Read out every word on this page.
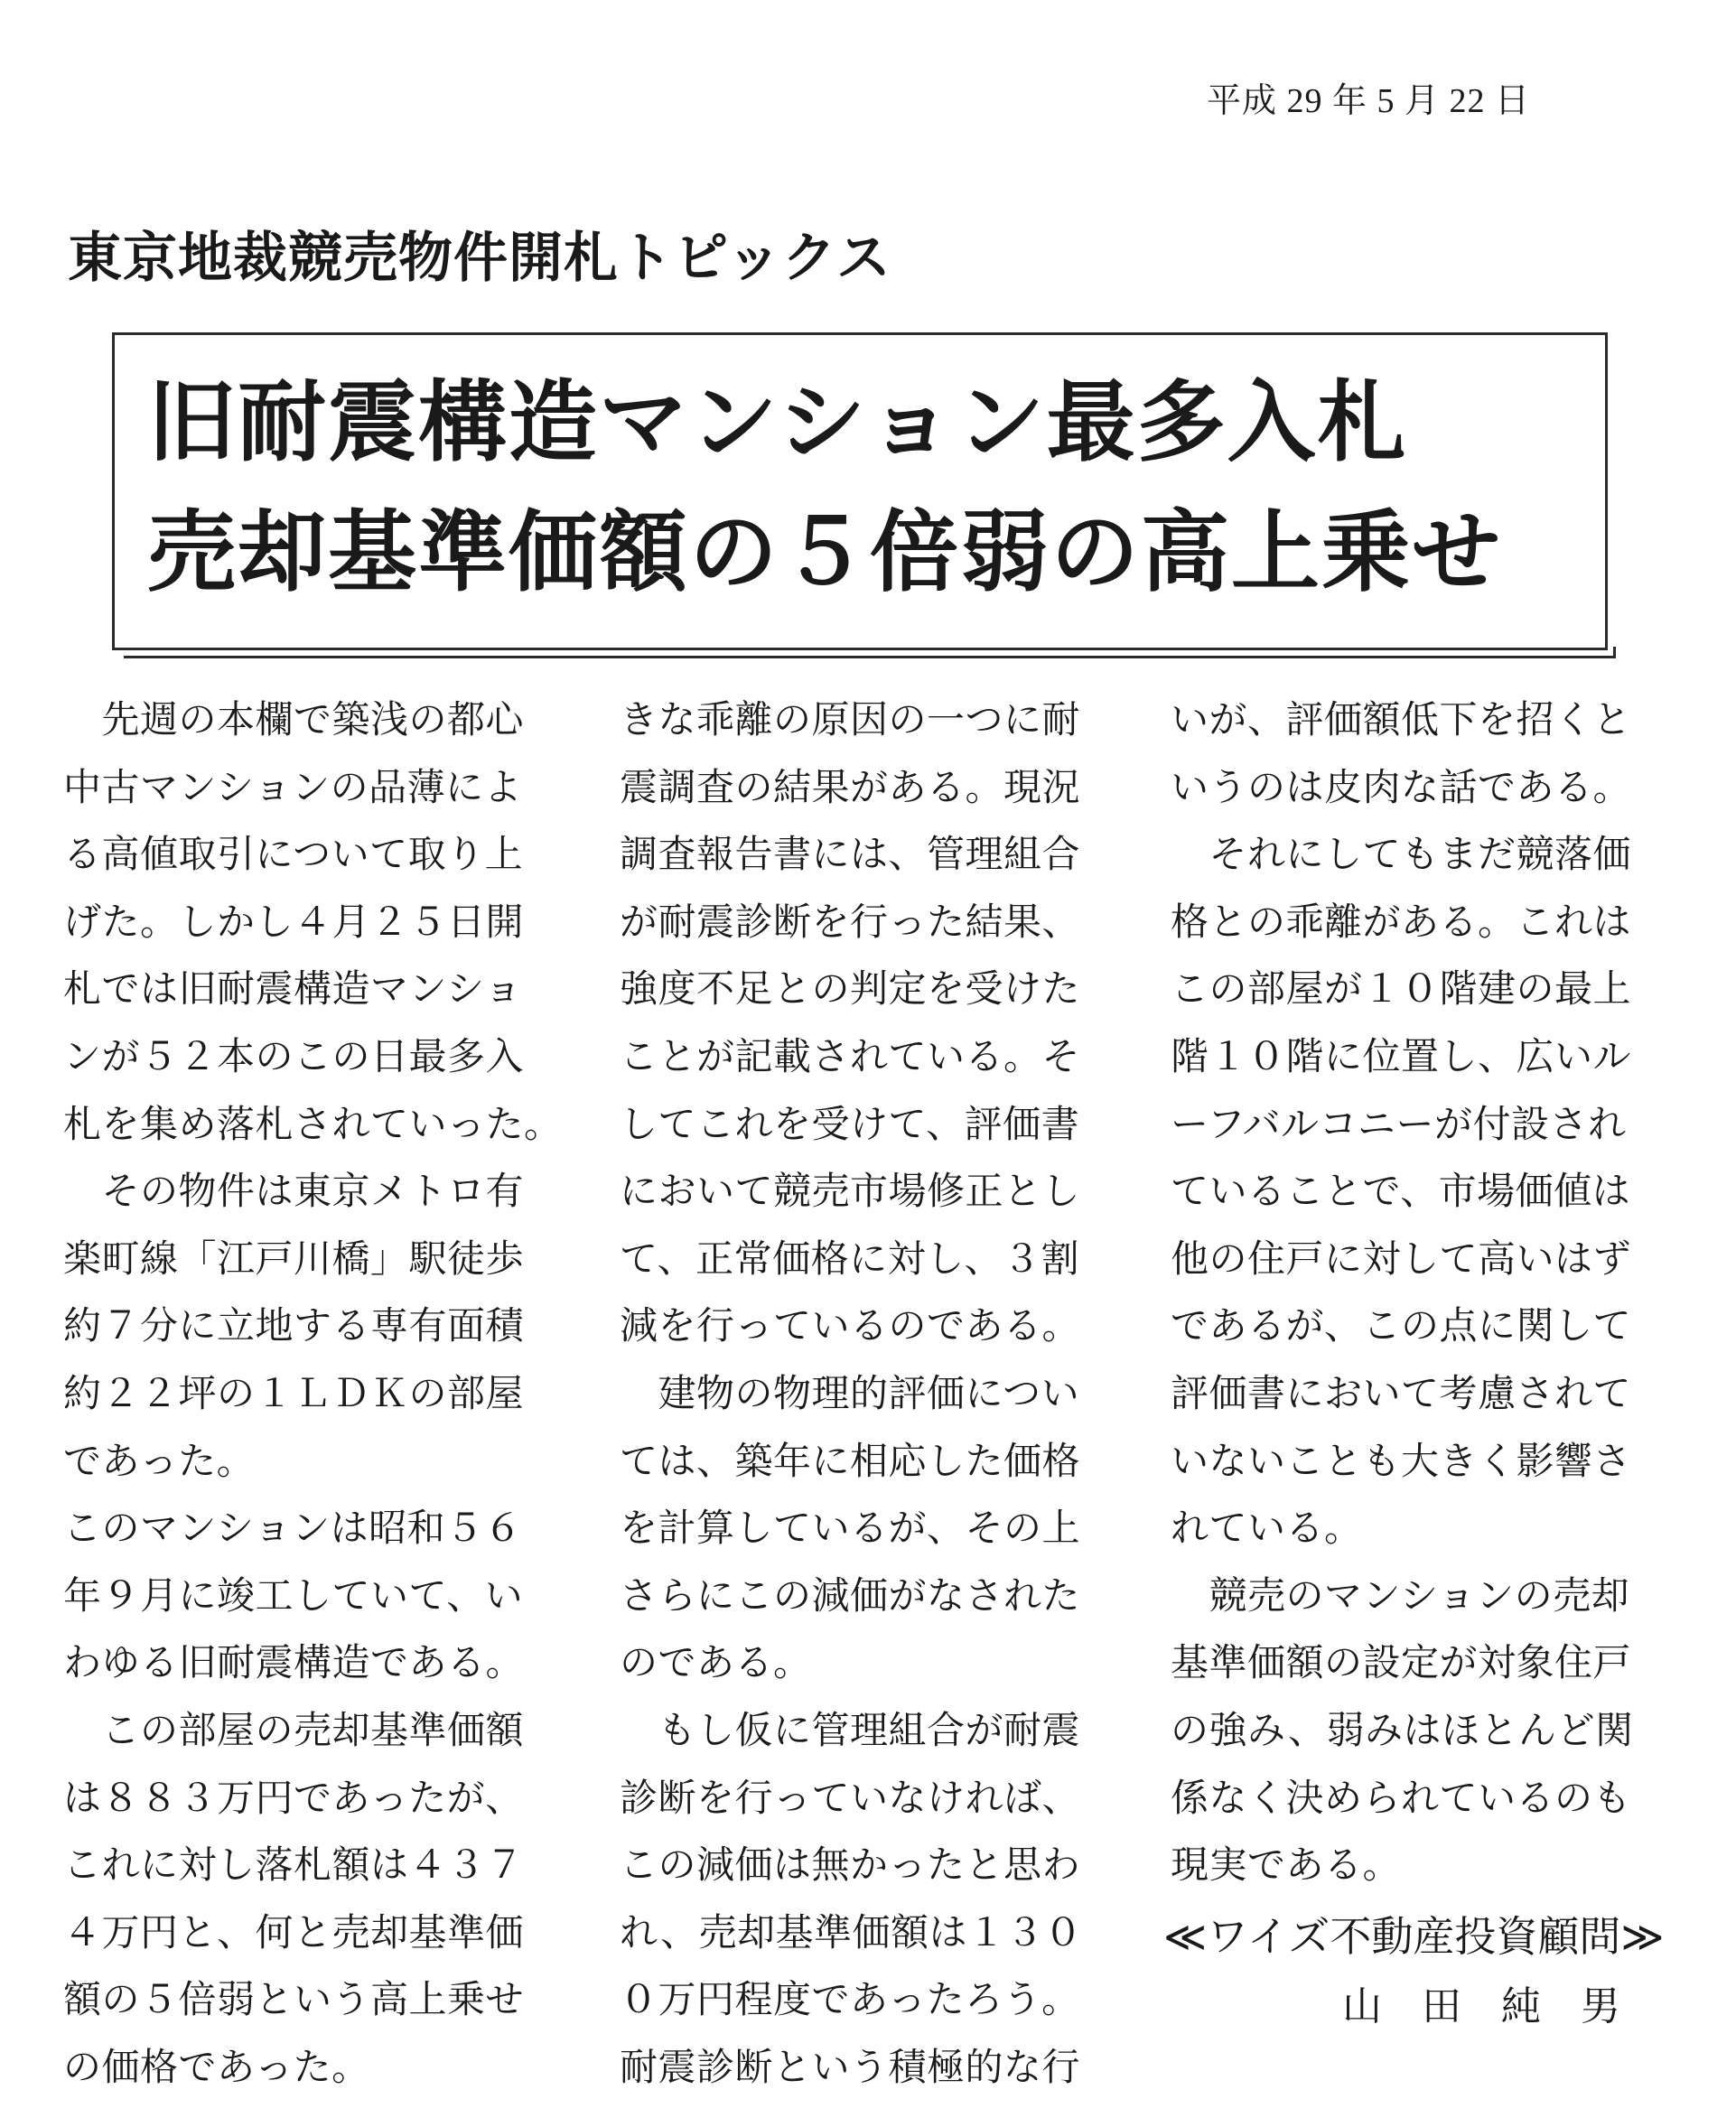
平成 29 年 5 月 22 日
東京地裁競売物件開札トピックス
旧耐震構造マンション最多入札
売却基準価額の５倍弱の高上乗せ
　先週の本欄で築浅の都心
中古マンションの品薄によ
る高値取引について取り上
げた。しかし４月２５日開
札では旧耐震構造マンショ
ンが５２本のこの日最多入
札を集め落札されていった。
　その物件は東京メトロ有
楽町線「江戸川橋」駅徒歩
約７分に立地する専有面積
約２２坪の１ＬＤＫの部屋
であった。
このマンションは昭和５６
年９月に竣工していて、い
わゆる旧耐震構造である。
　この部屋の売却基準価額
は８８３万円であったが、
これに対し落札額は４３７
４万円と、何と売却基準価
額の５倍弱という高上乗せ
の価格であった。
きな乖離の原因の一つに耐
震調査の結果がある。現況
調査報告書には、管理組合
が耐震診断を行った結果、
強度不足との判定を受けた
ことが記載されている。そ
してこれを受けて、評価書
において競売市場修正とし
て、正常価格に対し、３割
減を行っているのである。
　建物の物理的評価につい
ては、築年に相応した価格
を計算しているが、その上
さらにこの減価がなされた
のである。
　もし仮に管理組合が耐震
診断を行っていなければ、
この減価は無かったと思わ
れ、売却基準価額は１３０
０万円程度であったろう。
耐震診断という積極的な行
いが、評価額低下を招くと
いうのは皮肉な話である。
　それにしてもまだ競落価
格との乖離がある。これは
この部屋が１０階建の最上
階１０階に位置し、広いル
ーフバルコニーが付設され
ていることで、市場価値は
他の住戸に対して高いはず
であるが、この点に関して
評価書において考慮されて
いないことも大きく影響さ
れている。
　競売のマンションの売却
基準価額の設定が対象住戸
の強み、弱みはほとんど関
係なく決められているのも
現実である。
≪ワイズ不動産投資顧問≫
山田純男
